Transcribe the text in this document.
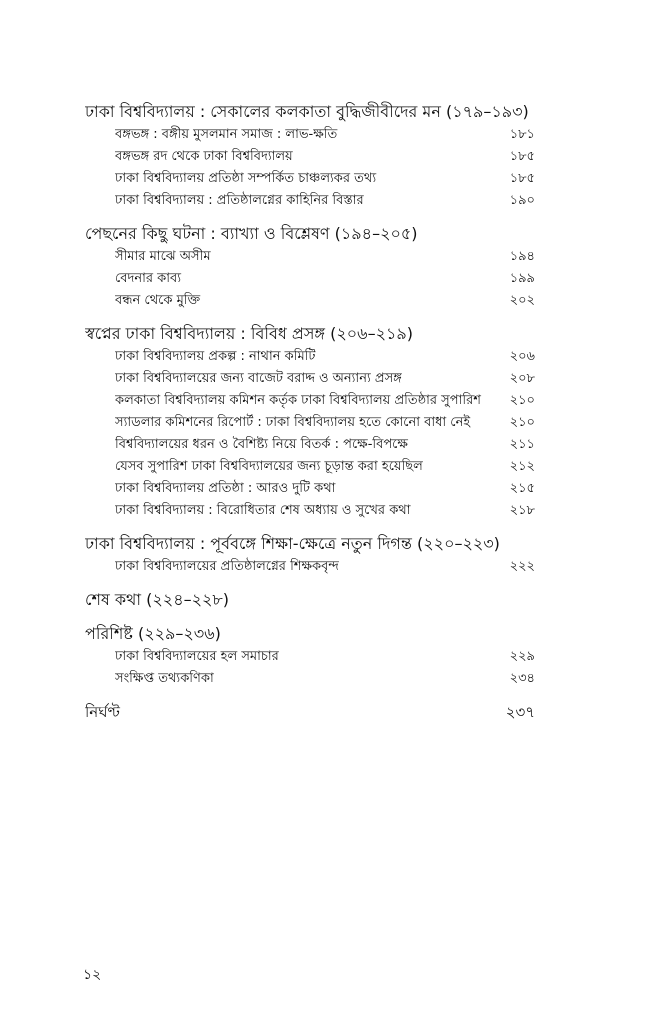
ঢাকা বিশ্ববিদ্যালয় : সেকালের কলকাতা বুদ্ধিজীবীদের মন (১৭৯–১৯৩)
বঙ্গভঙ্গ : বঙ্গীয় মুসলমান সমাজ : লাভ-ক্ষতি	১৮১
বঙ্গভঙ্গ রদ থেকে ঢাকা বিশ্ববিদ্যালয়	১৮৫
ঢাকা বিশ্ববিদ্যালয় প্রতিষ্ঠা সম্পর্কিত চাঞ্চল্যকর তথ্য	১৮৫
ঢাকা বিশ্ববিদ্যালয় : প্রতিষ্ঠালগ্নের কাহিনির বিস্তার	১৯০
পেছনের কিছু ঘটনা : ব্যাখ্যা ও বিশ্লেষণ (১৯৪–২০৫)
সীমার মাঝে অসীম	১৯৪
বেদনার কাব্য	১৯৯
বন্ধন থেকে মুক্তি	২০২
স্বপ্নের ঢাকা বিশ্ববিদ্যালয় : বিবিধ প্রসঙ্গ (২০৬–২১৯)
ঢাকা বিশ্ববিদ্যালয় প্রকল্প : নাথান কমিটি	২০৬
ঢাকা বিশ্ববিদ্যালয়ের জন্য বাজেট বরাদ্দ ও অন্যান্য প্রসঙ্গ	২০৮
কলকাতা বিশ্ববিদ্যালয় কমিশন কর্তৃক ঢাকা বিশ্ববিদ্যালয় প্রতিষ্ঠার সুপারিশ	২১০
স্যাডলার কমিশনের রিপোর্ট : ঢাকা বিশ্ববিদ্যালয় হতে কোনো বাধা নেই	২১০
বিশ্ববিদ্যালয়ের ধরন ও বৈশিষ্ট্য নিয়ে বিতর্ক : পক্ষে-বিপক্ষে	২১১
যেসব সুপারিশ ঢাকা বিশ্ববিদ্যালয়ের জন্য চূড়ান্ত করা হয়েছিল	২১২
ঢাকা বিশ্ববিদ্যালয় প্রতিষ্ঠা : আরও দুটি কথা	২১৫
ঢাকা বিশ্ববিদ্যালয় : বিরোধিতার শেষ অধ্যায় ও সুখের কথা	২১৮
ঢাকা বিশ্ববিদ্যালয় : পূর্ববঙ্গে শিক্ষা-ক্ষেত্রে নতুন দিগন্ত (২২০–২২৩)
ঢাকা বিশ্ববিদ্যালয়ের প্রতিষ্ঠালগ্নের শিক্ষকবৃন্দ	২২২
শেষ কথা (২২৪–২২৮)
পরিশিষ্ট (২২৯–২৩৬)
ঢাকা বিশ্ববিদ্যালয়ের হল সমাচার	২২৯
সংক্ষিপ্ত তথ্যকণিকা	২৩৪
নির্ঘণ্ট	২৩৭
১২
